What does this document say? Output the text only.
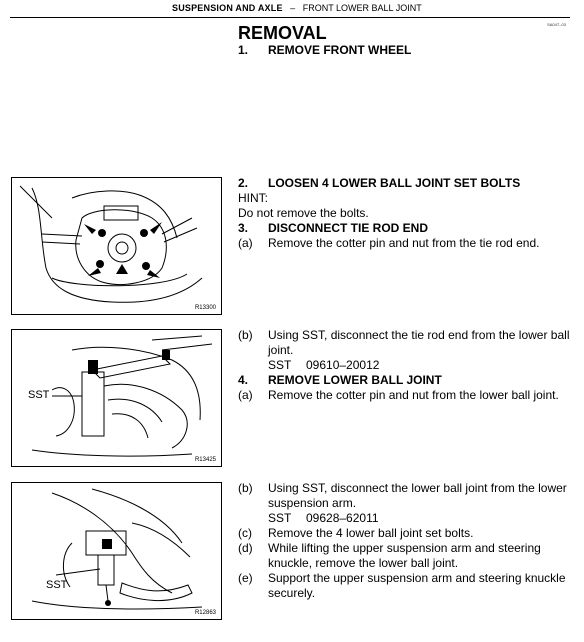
SUSPENSION AND AXLE – FRONT LOWER BALL JOINT
SA04T–03
REMOVAL
1. REMOVE FRONT WHEEL
2. LOOSEN 4 LOWER BALL JOINT SET BOLTS
HINT:
Do not remove the bolts.
3. DISCONNECT TIE ROD END
(a) Remove the cotter pin and nut from the tie rod end.
(b) Using SST, disconnect the tie rod end from the lower ball
joint.
SST 09610–20012
4. REMOVE LOWER BALL JOINT
(a) Remove the cotter pin and nut from the lower ball joint.
(b) Using SST, disconnect the lower ball joint from the lower
suspension arm.
SST 09628–62011
(c) Remove the 4 lower ball joint set bolts.
(d) While lifting the upper suspension arm and steering
knuckle, remove the lower ball joint.
(e) Support the upper suspension arm and steering knuckle
securely.
R13300
SST
R13425
SST
R12863
